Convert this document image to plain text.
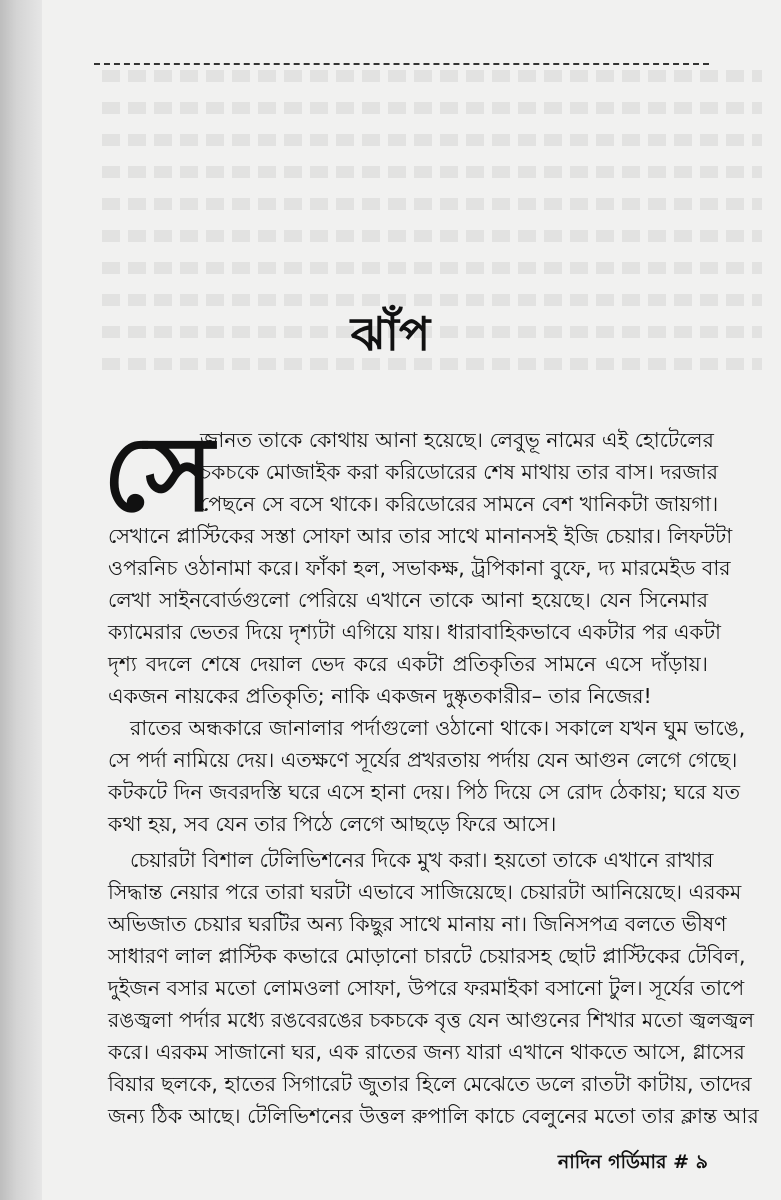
ঝাঁপ
সে
জানত তাকে কোথায় আনা হয়েছে। লেবুভূ নামের এই হোটেলের
চকচকে মোজাইক করা করিডোরের শেষ মাথায় তার বাস। দরজার
পেছনে সে বসে থাকে। করিডোরের সামনে বেশ খানিকটা জায়গা।
সেখানে প্লাস্টিকের সস্তা সোফা আর তার সাথে মানানসই ইজি চেয়ার। লিফটটা
ওপরনিচ ওঠানামা করে। ফাঁকা হল, সভাকক্ষ, ট্রপিকানা বুফে, দ্য মারমেইড বার
লেখা সাইনবোর্ডগুলো পেরিয়ে এখানে তাকে আনা হয়েছে। যেন সিনেমার
ক্যামেরার ভেতর দিয়ে দৃশ্যটা এগিয়ে যায়। ধারাবাহিকভাবে একটার পর একটা
দৃশ্য বদলে শেষে দেয়াল ভেদ করে একটা প্রতিকৃতির সামনে এসে দাঁড়ায়।
একজন নায়কের প্রতিকৃতি; নাকি একজন দুষ্কৃতকারীর– তার নিজের!
রাতের অন্ধকারে জানালার পর্দাগুলো ওঠানো থাকে। সকালে যখন ঘুম ভাঙে,
সে পর্দা নামিয়ে দেয়। এতক্ষণে সূর্যের প্রখরতায় পর্দায় যেন আগুন লেগে গেছে।
কটকটে দিন জবরদস্তি ঘরে এসে হানা দেয়। পিঠ দিয়ে সে রোদ ঠেকায়; ঘরে যত
কথা হয়, সব যেন তার পিঠে লেগে আছড়ে ফিরে আসে।
চেয়ারটা বিশাল টেলিভিশনের দিকে মুখ করা। হয়তো তাকে এখানে রাখার
সিদ্ধান্ত নেয়ার পরে তারা ঘরটা এভাবে সাজিয়েছে। চেয়ারটা আনিয়েছে। এরকম
অভিজাত চেয়ার ঘরটির অন্য কিছুর সাথে মানায় না। জিনিসপত্র বলতে ভীষণ
সাধারণ লাল প্লাস্টিক কভারে মোড়ানো চারটে চেয়ারসহ ছোট প্লাস্টিকের টেবিল,
দুইজন বসার মতো লোমওলা সোফা, উপরে ফরমাইকা বসানো টুল। সূর্যের তাপে
রঙজ্বলা পর্দার মধ্যে রঙবেরঙের চকচকে বৃত্ত যেন আগুনের শিখার মতো জ্বলজ্বল
করে। এরকম সাজানো ঘর, এক রাতের জন্য যারা এখানে থাকতে আসে, গ্লাসের
বিয়ার ছলকে, হাতের সিগারেট জুতার হিলে মেঝেতে ডলে রাতটা কাটায়, তাদের
জন্য ঠিক আছে। টেলিভিশনের উত্তল রুপালি কাচে বেলুনের মতো তার ক্লান্ত আর
নাদিন গর্ডিমার # ৯
